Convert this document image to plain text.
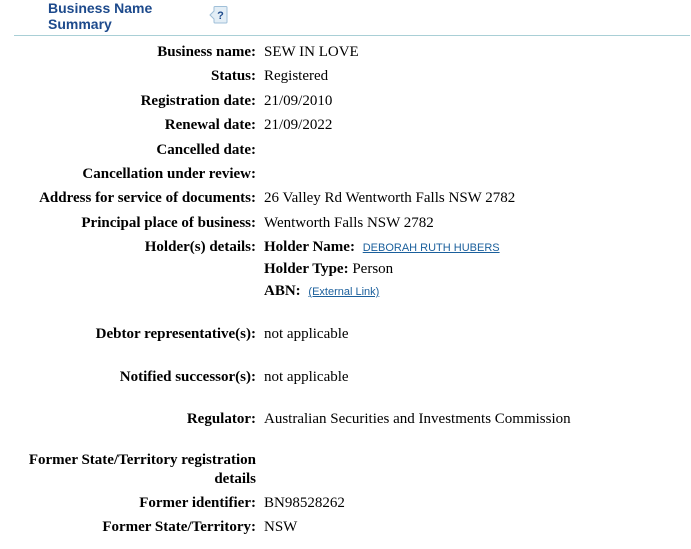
Business Name
Summary	?
Business name: SEW IN LOVE
Status: Registered
Registration date: 21/09/2010
Renewal date: 21/09/2022
Cancelled date:
Cancellation under review:
Address for service of documents: 26 Valley Rd Wentworth Falls NSW 2782
Principal place of business: Wentworth Falls NSW 2782
Holder(s) details: Holder Name: DEBORAH RUTH HUBERS
Holder Type: Person
ABN: (External Link)
Debtor representative(s): not applicable
Notified successor(s): not applicable
Regulator: Australian Securities and Investments Commission
Former State/Territory registration details
Former identifier: BN98528262
Former State/Territory: NSW
